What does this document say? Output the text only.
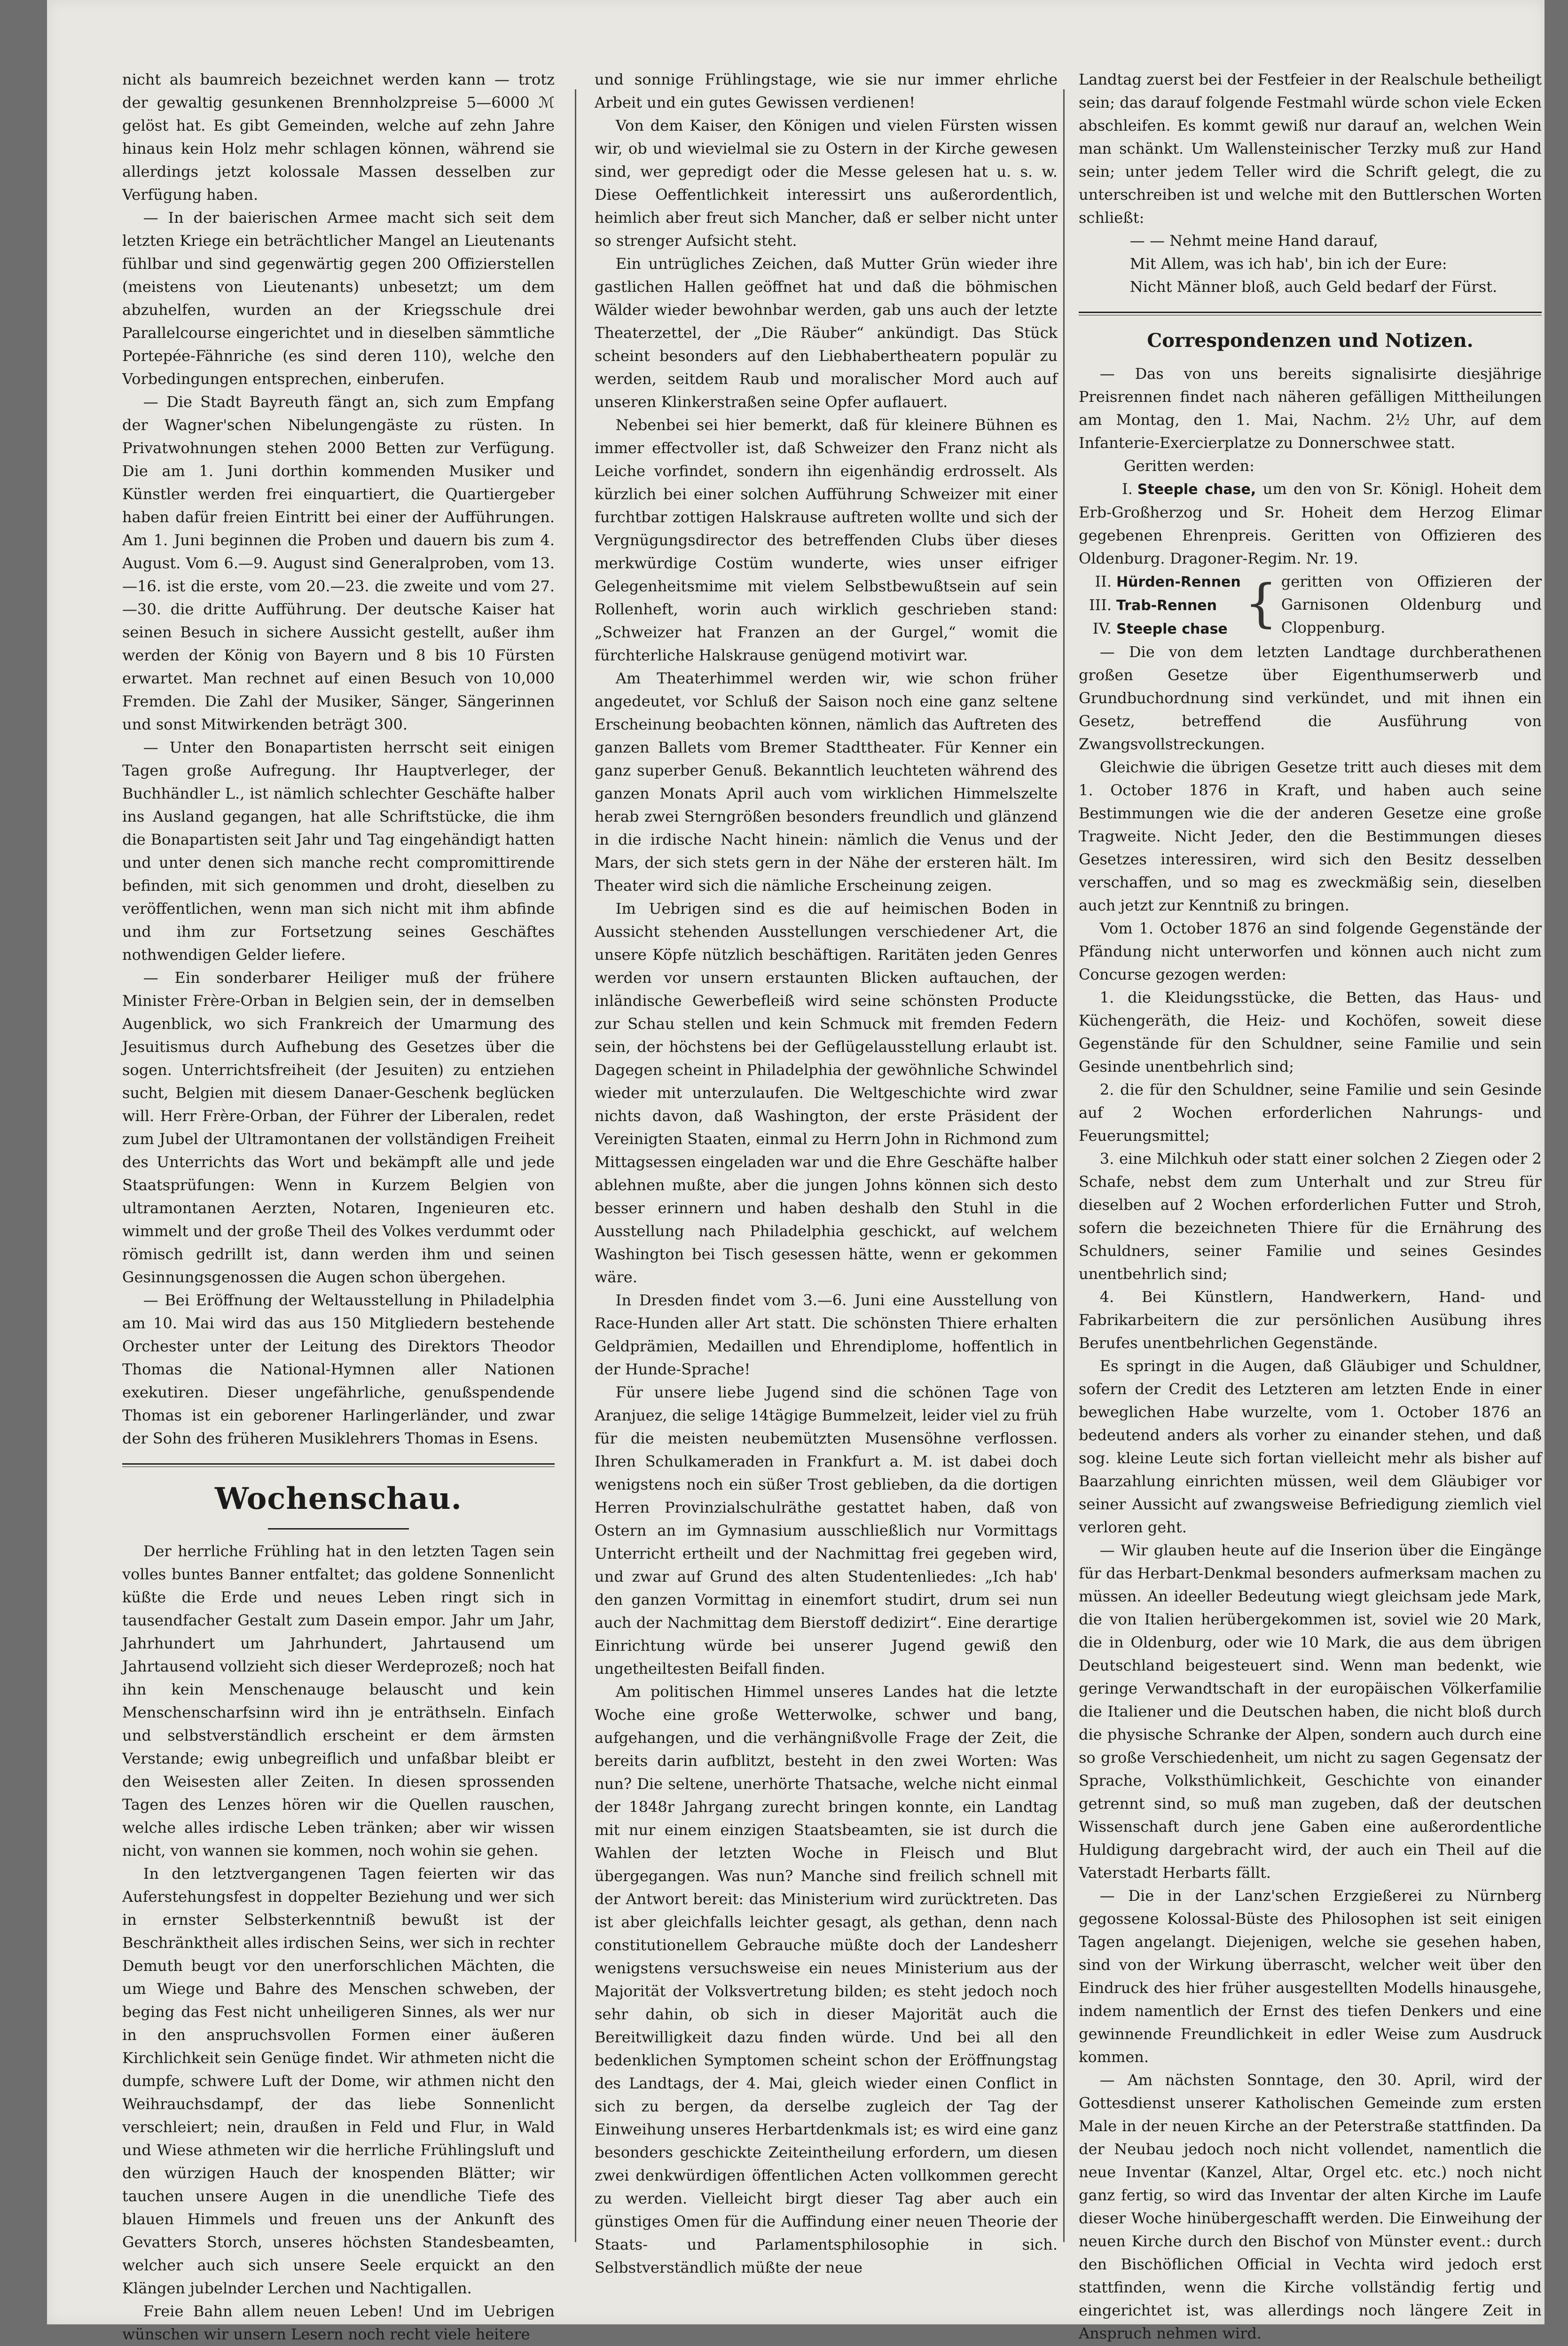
nicht als baumreich bezeichnet werden kann — trotz der gewaltig gesunkenen Brennholzpreise 5—6000 ℳ gelöst hat. Es gibt Gemeinden, welche auf zehn Jahre hinaus kein Holz mehr schlagen können, während sie allerdings jetzt kolossale Massen desselben zur Verfügung haben.

— In der baierischen Armee macht sich seit dem letzten Kriege ein beträchtlicher Mangel an Lieutenants fühlbar und sind gegenwärtig gegen 200 Offizierstellen (meistens von Lieutenants) unbesetzt; um dem abzuhelfen, wurden an der Kriegsschule drei Parallelcourse eingerichtet und in dieselben sämmtliche Portepée-Fähnriche (es sind deren 110), welche den Vorbedingungen entsprechen, einberufen.

— Die Stadt Bayreuth fängt an, sich zum Empfang der Wagner'schen Nibelungengäste zu rüsten. In Privatwohnungen stehen 2000 Betten zur Verfügung. Die am 1. Juni dorthin kommenden Musiker und Künstler werden frei einquartiert, die Quartiergeber haben dafür freien Eintritt bei einer der Aufführungen. Am 1. Juni beginnen die Proben und dauern bis zum 4. August. Vom 6.—9. August sind Generalproben, vom 13.—16. ist die erste, vom 20.—23. die zweite und vom 27.—30. die dritte Aufführung. Der deutsche Kaiser hat seinen Besuch in sichere Aussicht gestellt, außer ihm werden der König von Bayern und 8 bis 10 Fürsten erwartet. Man rechnet auf einen Besuch von 10,000 Fremden. Die Zahl der Musiker, Sänger, Sängerinnen und sonst Mitwirkenden beträgt 300.

— Unter den Bonapartisten herrscht seit einigen Tagen große Aufregung. Ihr Hauptverleger, der Buchhändler L., ist nämlich schlechter Geschäfte halber ins Ausland gegangen, hat alle Schriftstücke, die ihm die Bonapartisten seit Jahr und Tag eingehändigt hatten und unter denen sich manche recht compromittirende befinden, mit sich genommen und droht, dieselben zu veröffentlichen, wenn man sich nicht mit ihm abfinde und ihm zur Fortsetzung seines Geschäftes nothwendigen Gelder liefere.

— Ein sonderbarer Heiliger muß der frühere Minister Frère-Orban in Belgien sein, der in demselben Augenblick, wo sich Frankreich der Umarmung des Jesuitismus durch Aufhebung des Gesetzes über die sogen. Unterrichtsfreiheit (der Jesuiten) zu entziehen sucht, Belgien mit diesem Danaer-Geschenk beglücken will. Herr Frère-Orban, der Führer der Liberalen, redet zum Jubel der Ultramontanen der vollständigen Freiheit des Unterrichts das Wort und bekämpft alle und jede Staatsprüfungen: Wenn in Kurzem Belgien von ultramontanen Aerzten, Notaren, Ingenieuren etc. wimmelt und der große Theil des Volkes verdummt oder römisch gedrillt ist, dann werden ihm und seinen Gesinnungsgenossen die Augen schon übergehen.

— Bei Eröffnung der Weltausstellung in Philadelphia am 10. Mai wird das aus 150 Mitgliedern bestehende Orchester unter der Leitung des Direktors Theodor Thomas die National-Hymnen aller Nationen exekutiren. Dieser ungefährliche, genußspendende Thomas ist ein geborener Harlingerländer, und zwar der Sohn des früheren Musiklehrers Thomas in Esens.

Wochenschau.

Der herrliche Frühling hat in den letzten Tagen sein volles buntes Banner entfaltet; das goldene Sonnenlicht küßte die Erde und neues Leben ringt sich in tausendfacher Gestalt zum Dasein empor. Jahr um Jahr, Jahrhundert um Jahrhundert, Jahrtausend um Jahrtausend vollzieht sich dieser Werdeprozeß; noch hat ihn kein Menschenauge belauscht und kein Menschenscharfsinn wird ihn je enträthseln. Einfach und selbstverständlich erscheint er dem ärmsten Verstande; ewig unbegreiflich und unfaßbar bleibt er den Weisesten aller Zeiten. In diesen sprossenden Tagen des Lenzes hören wir die Quellen rauschen, welche alles irdische Leben tränken; aber wir wissen nicht, von wannen sie kommen, noch wohin sie gehen.

In den letztvergangenen Tagen feierten wir das Auferstehungsfest in doppelter Beziehung und wer sich in ernster Selbsterkenntniß bewußt ist der Beschränktheit alles irdischen Seins, wer sich in rechter Demuth beugt vor den unerforschlichen Mächten, die um Wiege und Bahre des Menschen schweben, der beging das Fest nicht unheiligeren Sinnes, als wer nur in den anspruchsvollen Formen einer äußeren Kirchlichkeit sein Genüge findet. Wir athmeten nicht die dumpfe, schwere Luft der Dome, wir athmen nicht den Weihrauchsdampf, der das liebe Sonnenlicht verschleiert; nein, draußen in Feld und Flur, in Wald und Wiese athmeten wir die herrliche Frühlingsluft und den würzigen Hauch der knospenden Blätter; wir tauchen unsere Augen in die unendliche Tiefe des blauen Himmels und freuen uns der Ankunft des Gevatters Storch, unseres höchsten Standesbeamten, welcher auch sich unsere Seele erquickt an den Klängen jubelnder Lerchen und Nachtigallen.

Freie Bahn allem neuen Leben! Und im Uebrigen wünschen wir unsern Lesern noch recht viele heitere

und sonnige Frühlingstage, wie sie nur immer ehrliche Arbeit und ein gutes Gewissen verdienen!

Von dem Kaiser, den Königen und vielen Fürsten wissen wir, ob und wievielmal sie zu Ostern in der Kirche gewesen sind, wer gepredigt oder die Messe gelesen hat u. s. w. Diese Oeffentlichkeit interessirt uns außerordentlich, heimlich aber freut sich Mancher, daß er selber nicht unter so strenger Aufsicht steht.

Ein untrügliches Zeichen, daß Mutter Grün wieder ihre gastlichen Hallen geöffnet hat und daß die böhmischen Wälder wieder bewohnbar werden, gab uns auch der letzte Theaterzettel, der „Die Räuber“ ankündigt. Das Stück scheint besonders auf den Liebhabertheatern populär zu werden, seitdem Raub und moralischer Mord auch auf unseren Klinkerstraßen seine Opfer auflauert.

Nebenbei sei hier bemerkt, daß für kleinere Bühnen es immer effectvoller ist, daß Schweizer den Franz nicht als Leiche vorfindet, sondern ihn eigenhändig erdrosselt. Als kürzlich bei einer solchen Aufführung Schweizer mit einer furchtbar zottigen Halskrause auftreten wollte und sich der Vergnügungsdirector des betreffenden Clubs über dieses merkwürdige Costüm wunderte, wies unser eifriger Gelegenheitsmime mit vielem Selbstbewußtsein auf sein Rollenheft, worin auch wirklich geschrieben stand: „Schweizer hat Franzen an der Gurgel,“ womit die fürchterliche Halskrause genügend motivirt war.

Am Theaterhimmel werden wir, wie schon früher angedeutet, vor Schluß der Saison noch eine ganz seltene Erscheinung beobachten können, nämlich das Auftreten des ganzen Ballets vom Bremer Stadttheater. Für Kenner ein ganz superber Genuß. Bekanntlich leuchteten während des ganzen Monats April auch vom wirklichen Himmelszelte herab zwei Sterngrößen besonders freundlich und glänzend in die irdische Nacht hinein: nämlich die Venus und der Mars, der sich stets gern in der Nähe der ersteren hält. Im Theater wird sich die nämliche Erscheinung zeigen.

Im Uebrigen sind es die auf heimischen Boden in Aussicht stehenden Ausstellungen verschiedener Art, die unsere Köpfe nützlich beschäftigen. Raritäten jeden Genres werden vor unsern erstaunten Blicken auftauchen, der inländische Gewerbefleiß wird seine schönsten Producte zur Schau stellen und kein Schmuck mit fremden Federn sein, der höchstens bei der Geflügelausstellung erlaubt ist. Dagegen scheint in Philadelphia der gewöhnliche Schwindel wieder mit unterzulaufen. Die Weltgeschichte wird zwar nichts davon, daß Washington, der erste Präsident der Vereinigten Staaten, einmal zu Herrn John in Richmond zum Mittagsessen eingeladen war und die Ehre Geschäfte halber ablehnen mußte, aber die jungen Johns können sich desto besser erinnern und haben deshalb den Stuhl in die Ausstellung nach Philadelphia geschickt, auf welchem Washington bei Tisch gesessen hätte, wenn er gekommen wäre.

In Dresden findet vom 3.—6. Juni eine Ausstellung von Race-Hunden aller Art statt. Die schönsten Thiere erhalten Geldprämien, Medaillen und Ehrendiplome, hoffentlich in der Hunde-Sprache!

Für unsere liebe Jugend sind die schönen Tage von Aranjuez, die selige 14tägige Bummelzeit, leider viel zu früh für die meisten neubemützten Musensöhne verflossen. Ihren Schulkameraden in Frankfurt a. M. ist dabei doch wenigstens noch ein süßer Trost geblieben, da die dortigen Herren Provinzialschulräthe gestattet haben, daß von Ostern an im Gymnasium ausschließlich nur Vormittags Unterricht ertheilt und der Nachmittag frei gegeben wird, und zwar auf Grund des alten Studentenliedes: „Ich hab' den ganzen Vormittag in einemfort studirt, drum sei nun auch der Nachmittag dem Bierstoff dedizirt“. Eine derartige Einrichtung würde bei unserer Jugend gewiß den ungetheiltesten Beifall finden.

Am politischen Himmel unseres Landes hat die letzte Woche eine große Wetterwolke, schwer und bang, aufgehangen, und die verhängnißvolle Frage der Zeit, die bereits darin aufblitzt, besteht in den zwei Worten: Was nun? Die seltene, unerhörte Thatsache, welche nicht einmal der 1848r Jahrgang zurecht bringen konnte, ein Landtag mit nur einem einzigen Staatsbeamten, sie ist durch die Wahlen der letzten Woche in Fleisch und Blut übergegangen. Was nun? Manche sind freilich schnell mit der Antwort bereit: das Ministerium wird zurücktreten. Das ist aber gleichfalls leichter gesagt, als gethan, denn nach constitutionellem Gebrauche müßte doch der Landesherr wenigstens versuchsweise ein neues Ministerium aus der Majorität der Volksvertretung bilden; es steht jedoch noch sehr dahin, ob sich in dieser Majorität auch die Bereitwilligkeit dazu finden würde. Und bei all den bedenklichen Symptomen scheint schon der Eröffnungstag des Landtags, der 4. Mai, gleich wieder einen Conflict in sich zu bergen, da derselbe zugleich der Tag der Einweihung unseres Herbartdenkmals ist; es wird eine ganz besonders geschickte Zeiteintheilung erfordern, um diesen zwei denkwürdigen öffentlichen Acten vollkommen gerecht zu werden. Vielleicht birgt dieser Tag aber auch ein günstiges Omen für die Auffindung einer neuen Theorie der Staats- und Parlamentsphilosophie in sich. Selbstverständlich müßte der neue

Landtag zuerst bei der Festfeier in der Realschule betheiligt sein; das darauf folgende Festmahl würde schon viele Ecken abschleifen. Es kommt gewiß nur darauf an, welchen Wein man schänkt. Um Wallensteinischer Terzky muß zur Hand sein; unter jedem Teller wird die Schrift gelegt, die zu unterschreiben ist und welche mit den Buttlerschen Worten schließt:

— — Nehmt meine Hand darauf,

Mit Allem, was ich hab', bin ich der Eure:

Nicht Männer bloß, auch Geld bedarf der Fürst.

Correspondenzen und Notizen.

— Das von uns bereits signalisirte diesjährige Preisrennen findet nach näheren gefälligen Mittheilungen am Montag, den 1. Mai, Nachm. 2½ Uhr, auf dem Infanterie-Exercierplatze zu Donnerschwee statt.

Geritten werden:

I. Steeple chase, um den von Sr. Königl. Hoheit dem Erb-Großherzog und Sr. Hoheit dem Herzog Elimar gegebenen Ehrenpreis. Geritten von Offizieren des Oldenburg. Dragoner-Regim. Nr. 19.

II. Hürden-Rennen
III. Trab-Rennen
IV. Steeple chase { geritten von Offizieren der Garnisonen Oldenburg und Cloppenburg.

— Die von dem letzten Landtage durchberathenen großen Gesetze über Eigenthumserwerb und Grundbuchordnung sind verkündet, und mit ihnen ein Gesetz, betreffend die Ausführung von Zwangsvollstreckungen.

Gleichwie die übrigen Gesetze tritt auch dieses mit dem 1. October 1876 in Kraft, und haben auch seine Bestimmungen wie die der anderen Gesetze eine große Tragweite. Nicht Jeder, den die Bestimmungen dieses Gesetzes interessiren, wird sich den Besitz desselben verschaffen, und so mag es zweckmäßig sein, dieselben auch jetzt zur Kenntniß zu bringen.

Vom 1. October 1876 an sind folgende Gegenstände der Pfändung nicht unterworfen und können auch nicht zum Concurse gezogen werden:

1. die Kleidungsstücke, die Betten, das Haus- und Küchengeräth, die Heiz- und Kochöfen, soweit diese Gegenstände für den Schuldner, seine Familie und sein Gesinde unentbehrlich sind;

2. die für den Schuldner, seine Familie und sein Gesinde auf 2 Wochen erforderlichen Nahrungs- und Feuerungsmittel;

3. eine Milchkuh oder statt einer solchen 2 Ziegen oder 2 Schafe, nebst dem zum Unterhalt und zur Streu für dieselben auf 2 Wochen erforderlichen Futter und Stroh, sofern die bezeichneten Thiere für die Ernährung des Schuldners, seiner Familie und seines Gesindes unentbehrlich sind;

4. Bei Künstlern, Handwerkern, Hand- und Fabrikarbeitern die zur persönlichen Ausübung ihres Berufes unentbehrlichen Gegenstände.

Es springt in die Augen, daß Gläubiger und Schuldner, sofern der Credit des Letzteren am letzten Ende in einer beweglichen Habe wurzelte, vom 1. October 1876 an bedeutend anders als vorher zu einander stehen, und daß sog. kleine Leute sich fortan vielleicht mehr als bisher auf Baarzahlung einrichten müssen, weil dem Gläubiger vor seiner Aussicht auf zwangsweise Befriedigung ziemlich viel verloren geht.

— Wir glauben heute auf die Inserion über die Eingänge für das Herbart-Denkmal besonders aufmerksam machen zu müssen. An ideeller Bedeutung wiegt gleichsam jede Mark, die von Italien herübergekommen ist, soviel wie 20 Mark, die in Oldenburg, oder wie 10 Mark, die aus dem übrigen Deutschland beigesteuert sind. Wenn man bedenkt, wie geringe Verwandtschaft in der europäischen Völkerfamilie die Italiener und die Deutschen haben, die nicht bloß durch die physische Schranke der Alpen, sondern auch durch eine so große Verschiedenheit, um nicht zu sagen Gegensatz der Sprache, Volksthümlichkeit, Geschichte von einander getrennt sind, so muß man zugeben, daß der deutschen Wissenschaft durch jene Gaben eine außerordentliche Huldigung dargebracht wird, der auch ein Theil auf die Vaterstadt Herbarts fällt.

— Die in der Lanz'schen Erzgießerei zu Nürnberg gegossene Kolossal-Büste des Philosophen ist seit einigen Tagen angelangt. Diejenigen, welche sie gesehen haben, sind von der Wirkung überrascht, welcher weit über den Eindruck des hier früher ausgestellten Modells hinausgehe, indem namentlich der Ernst des tiefen Denkers und eine gewinnende Freundlichkeit in edler Weise zum Ausdruck kommen.

— Am nächsten Sonntage, den 30. April, wird der Gottesdienst unserer Katholischen Gemeinde zum ersten Male in der neuen Kirche an der Peterstraße stattfinden. Da der Neubau jedoch noch nicht vollendet, namentlich die neue Inventar (Kanzel, Altar, Orgel etc. etc.) noch nicht ganz fertig, so wird das Inventar der alten Kirche im Laufe dieser Woche hinübergeschafft werden. Die Einweihung der neuen Kirche durch den Bischof von Münster event.: durch den Bischöflichen Official in Vechta wird jedoch erst stattfinden, wenn die Kirche vollständig fertig und eingerichtet ist, was allerdings noch längere Zeit in Anspruch nehmen wird.
